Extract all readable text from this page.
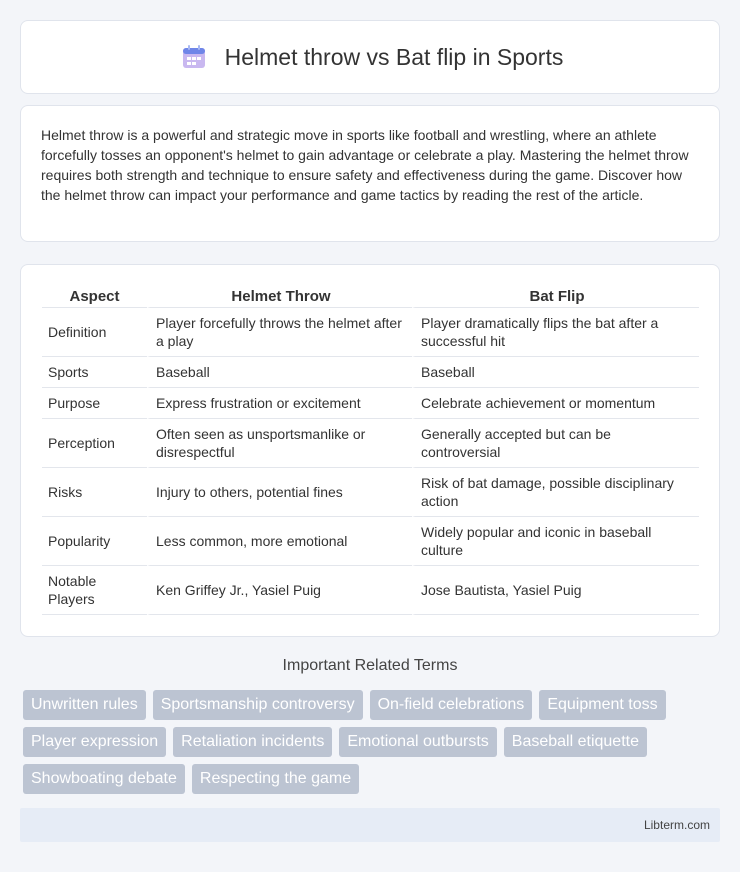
Helmet throw vs Bat flip in Sports

Helmet throw is a powerful and strategic move in sports like football and wrestling, where an athlete forcefully tosses an opponent's helmet to gain advantage or celebrate a play. Mastering the helmet throw requires both strength and technique to ensure safety and effectiveness during the game. Discover how the helmet throw can impact your performance and game tactics by reading the rest of the article.

Aspect	Helmet Throw	Bat Flip
Definition	Player forcefully throws the helmet after a play	Player dramatically flips the bat after a successful hit
Sports	Baseball	Baseball
Purpose	Express frustration or excitement	Celebrate achievement or momentum
Perception	Often seen as unsportsmanlike or disrespectful	Generally accepted but can be controversial
Risks	Injury to others, potential fines	Risk of bat damage, possible disciplinary action
Popularity	Less common, more emotional	Widely popular and iconic in baseball culture
Notable Players	Ken Griffey Jr., Yasiel Puig	Jose Bautista, Yasiel Puig
Important Related Terms
Unwritten rules	Sportsmanship controversy	On-field celebrations	Equipment toss
Player expression	Retaliation incidents	Emotional outbursts	Baseball etiquette
Showboating debate	Respecting the game
Libterm.com
